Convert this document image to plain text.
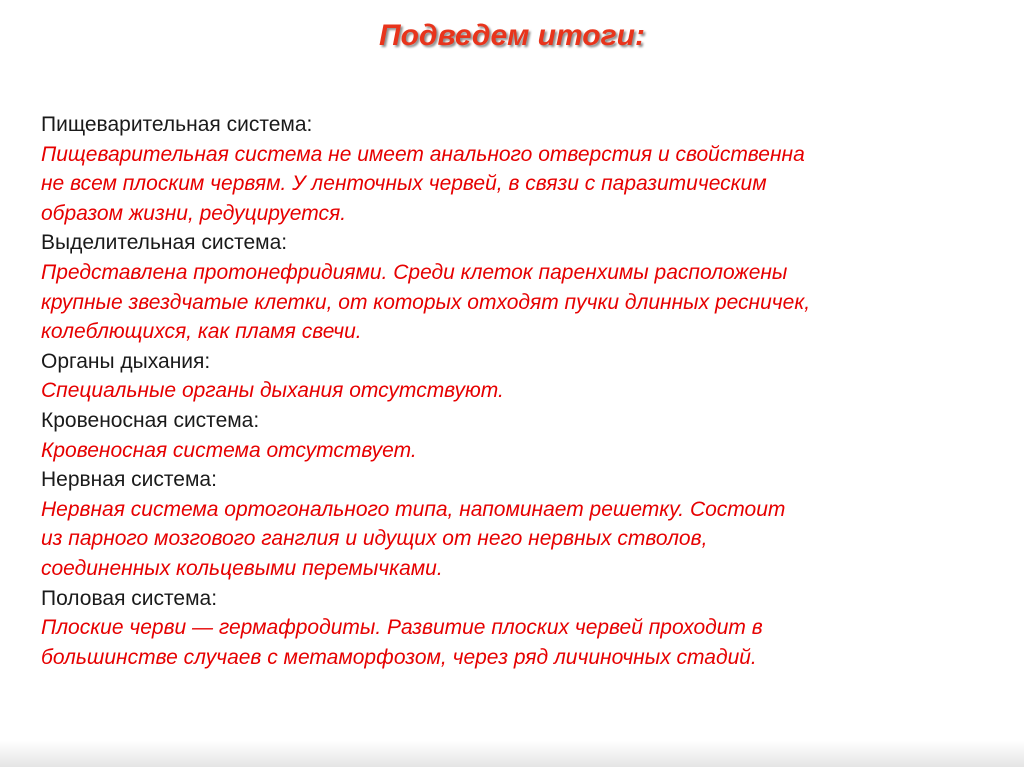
Подведем итоги:

Пищеварительная система:

Пищеварительная система не имеет анального отверстия и свойственна
не всем плоским червям. У ленточных червей, в связи с паразитическим
образом жизни, редуцируется.

Выделительная система:

Представлена протонефридиями. Среди клеток паренхимы расположены
крупные звездчатые клетки, от которых отходят пучки длинных ресничек,
колеблющихся, как пламя свечи.

Органы дыхания:

Специальные органы дыхания отсутствуют.

Кровеносная система:

Кровеносная система отсутствует.

Нервная система:

Нервная система ортогонального типа, напоминает решетку. Состоит
из парного мозгового ганглия и идущих от него нервных стволов,
соединенных кольцевыми перемычками.

Половая система:

Плоские черви — гермафродиты. Развитие плоских червей проходит в
большинстве случаев с метаморфозом, через ряд личиночных стадий.
